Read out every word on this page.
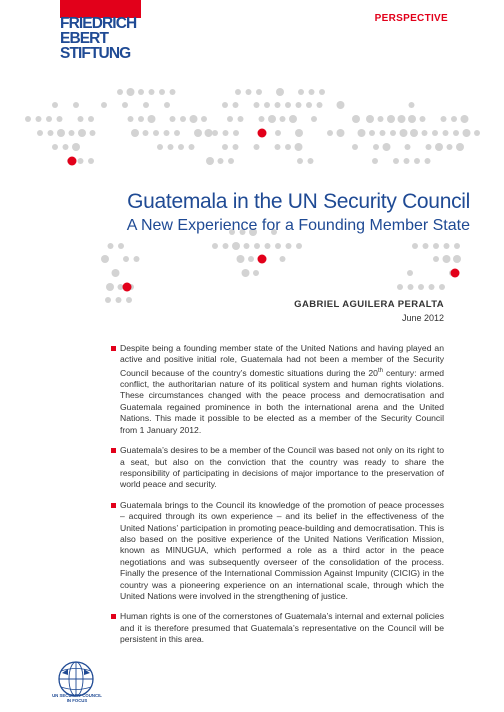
FRIEDRICH
EBERT
STIFTUNG
PERSPECTIVE
Guatemala in the UN Security Council
A New Experience for a Founding Member State
GABRIEL AGUILERA PERALTA
June 2012

Despite being a founding member state of the United Nations and having played an active and positive initial role, Guatemala had not been a member of the Security Council because of the country’s domestic situations during the 20th century: armed conflict, the authoritarian nature of its political system and human rights violations. These circumstances changed with the peace process and democratisation and Guatemala regained prominence in both the international arena and the United Nations. This made it possible to be elected as a member of the Security Council from 1 January 2012.

Guatemala’s desires to be a member of the Council was based not only on its right to a seat, but also on the conviction that the country was ready to share the responsibility of participating in decisions of major importance to the preservation of world peace and security.

Guatemala brings to the Council its knowledge of the promotion of peace processes – acquired through its own experience – and its belief in the effectiveness of the United Nations’ participation in promoting peace-building and democratisation. This is also based on the positive experience of the United Nations Verification Mission, known as MINUGUA, which performed a role as a third actor in the peace negotiations and was subsequently overseer of the consolidation of the process. Finally the presence of the International Commission Against Impunity (CICIG) in the country was a pioneering experience on an international scale, through which the United Nations were involved in the strengthening of justice.

Human rights is one of the cornerstones of Guatemala’s internal and external policies and it is therefore presumed that Guatemala’s representative on the Council will be persistent in this area.

UN SECURITY COUNCIL
IN FOCUS
